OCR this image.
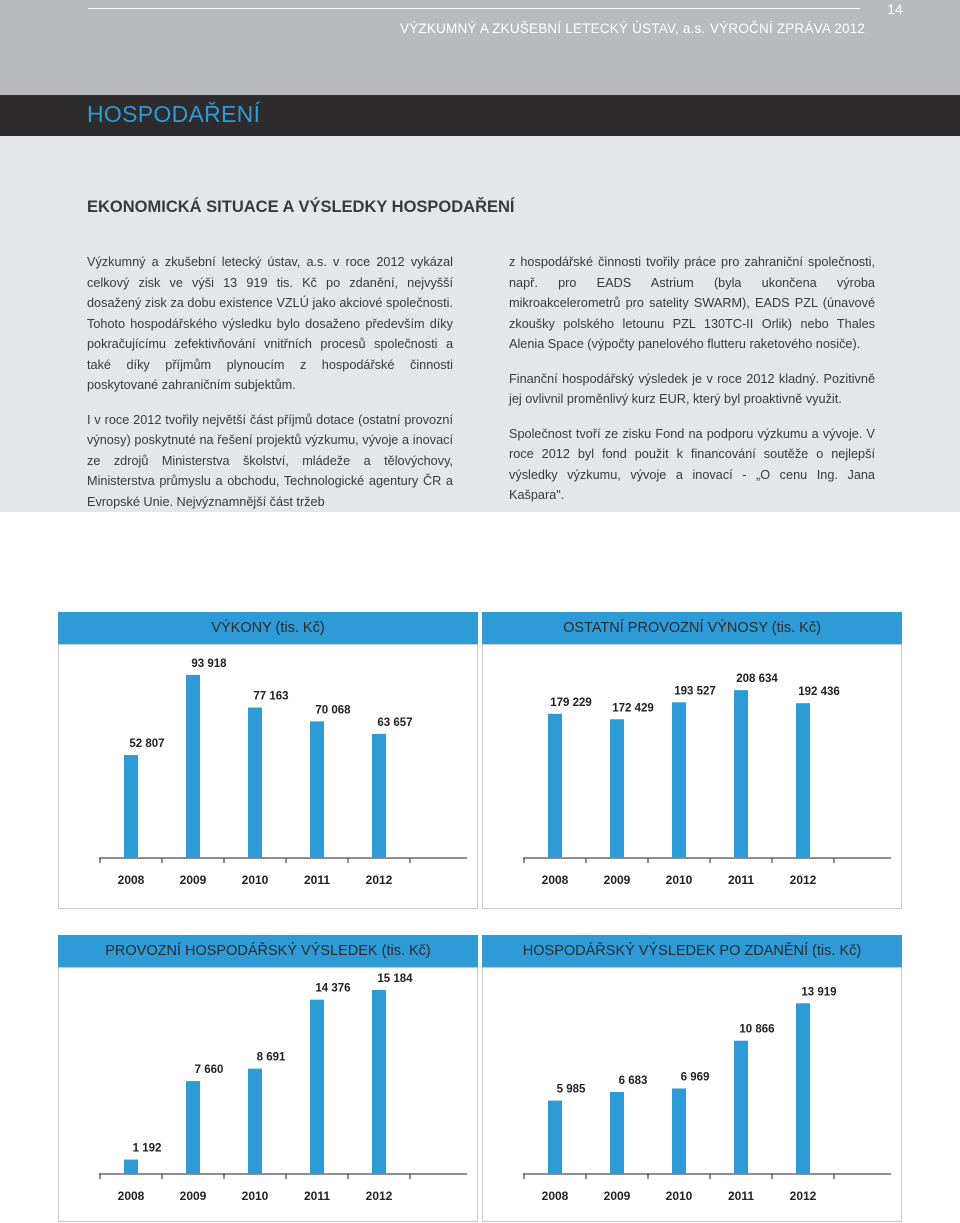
14
VÝZKUMNÝ A ZKUŠEBNÍ LETECKÝ ÚSTAV, a.s. VÝROČNÍ ZPRÁVA 2012
HOSPODAŘENÍ
EKONOMICKÁ SITUACE A VÝSLEDKY HOSPODAŘENÍ

Výzkumný a zkušební letecký ústav, a.s. v roce 2012 vykázal celkový zisk ve výši 13 919 tis. Kč po zdanění, nejvyšší dosažený zisk za dobu existence VZLÚ jako akciové společnosti. Tohoto hospodářského výsledku bylo dosaženo především díky pokračujícímu zefektivňování vnitřních procesů společnosti a také díky příjmům plynoucím z hospodářské činnosti poskytované zahraničním subjektům.

I v roce 2012 tvořily největší část příjmů dotace (ostatní provozní výnosy) poskytnuté na řešení projektů výzkumu, vývoje a inovací ze zdrojů Ministerstva školství, mládeže a tělovýchovy, Ministerstva průmyslu a obchodu, Technologické agentury ČR a Evropské Unie. Nejvýznamnější část tržeb

z hospodářské činnosti tvořily práce pro zahraniční společnosti, např. pro EADS Astrium (byla ukončena výroba mikroakcelerometrů pro satelity SWARM), EADS PZL (únavové zkoušky polského letounu PZL 130TC-II Orlik) nebo Thales Alenia Space (výpočty panelového flutteru raketového nosiče).

Finanční hospodářský výsledek je v roce 2012 kladný. Pozitivně jej ovlivnil proměnlivý kurz EUR, který byl proaktivně využit.

Společnost tvoří ze zisku Fond na podporu výzkumu a vývoje. V roce 2012 byl fond použit k financování soutěže o nejlepší výsledky výzkumu, vývoje a inovací - „O cenu Ing. Jana Kašpara".

VÝKONY (tis. Kč)
52 807
2008
93 918
2009
77 163
2010
70 068
2011
63 657
2012
OSTATNÍ PROVOZNÍ VÝNOSY (tis. Kč)
179 229
2008
172 429
2009
193 527
2010
208 634
2011
192 436
2012
PROVOZNÍ HOSPODÁŘSKÝ VÝSLEDEK (tis. Kč)
1 192
2008
7 660
2009
8 691
2010
14 376
2011
15 184
2012
HOSPODÁŘSKÝ VÝSLEDEK PO ZDANĚNÍ (tis. Kč)
5 985
2008
6 683
2009
6 969
2010
10 866
2011
13 919
2012
